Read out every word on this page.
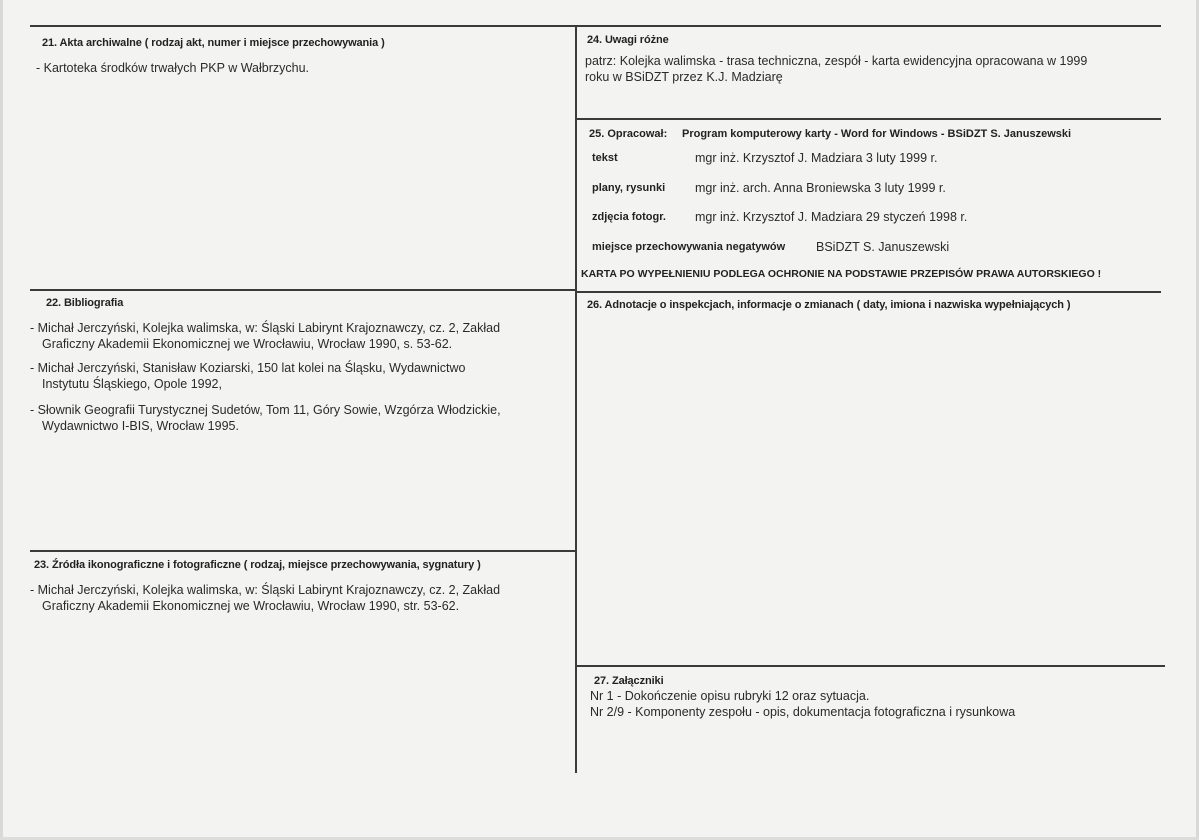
21. Akta archiwalne ( rodzaj akt, numer i miejsce przechowywania )
- Kartoteka środków trwałych PKP w Wałbrzychu.
22. Bibliografia
- Michał Jerczyński, Kolejka walimska, w: Śląski Labirynt Krajoznawczy, cz. 2, Zakład
Graficzny Akademii Ekonomicznej we Wrocławiu, Wrocław 1990, s. 53-62.
- Michał Jerczyński, Stanisław Koziarski, 150 lat kolei na Śląsku, Wydawnictwo
Instytutu Śląskiego, Opole 1992,
- Słownik Geografii Turystycznej Sudetów, Tom 11, Góry Sowie, Wzgórza Włodzickie,
Wydawnictwo I-BIS, Wrocław 1995.
23. Źródła ikonograficzne i fotograficzne ( rodzaj, miejsce przechowywania, sygnatury )
- Michał Jerczyński, Kolejka walimska, w: Śląski Labirynt Krajoznawczy, cz. 2, Zakład
Graficzny Akademii Ekonomicznej we Wrocławiu, Wrocław 1990, str. 53-62.
24. Uwagi różne
patrz: Kolejka walimska - trasa techniczna, zespół - karta ewidencyjna opracowana w 1999
roku w BSiDZT przez K.J. Madziarę
25. Opracował: Program komputerowy karty - Word for Windows - BSiDZT S. Januszewski
tekst	mgr inż. Krzysztof J. Madziara 3 luty 1999 r.
plany, rysunki mgr inż. arch. Anna Broniewska 3 luty 1999 r.
zdjęcia fotogr. mgr inż. Krzysztof J. Madziara 29 styczeń 1998 r.
miejsce przechowywania negatywów BSiDZT S. Januszewski
KARTA PO WYPEŁNIENIU PODLEGA OCHRONIE NA PODSTAWIE PRZEPISÓW PRAWA AUTORSKIEGO !
26. Adnotacje o inspekcjach, informacje o zmianach ( daty, imiona i nazwiska wypełniających )
27. Załączniki
Nr 1 - Dokończenie opisu rubryki 12 oraz sytuacja.
Nr 2/9 - Komponenty zespołu - opis, dokumentacja fotograficzna i rysunkowa
